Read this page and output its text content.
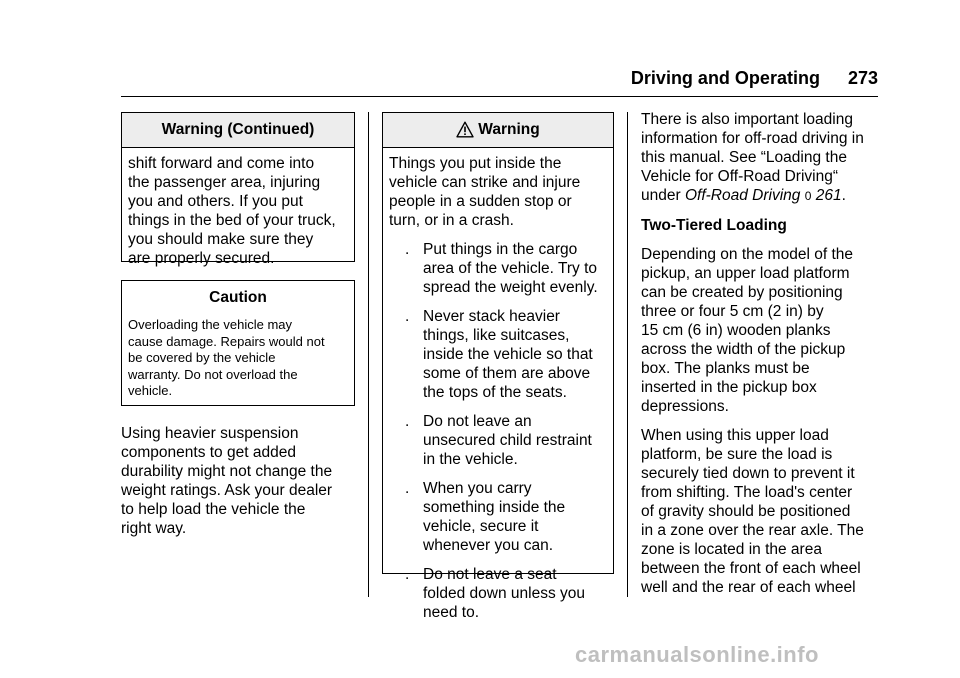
Driving and Operating 273
Warning (Continued)
shift forward and come into
the passenger area, injuring
you and others. If you put
things in the bed of your truck,
you should make sure they
are properly secured.
Caution
Overloading the vehicle may
cause damage. Repairs would not
be covered by the vehicle
warranty. Do not overload the
vehicle.
Using heavier suspension
components to get added
durability might not change the
weight ratings. Ask your dealer
to help load the vehicle the
right way.
Warning
Things you put inside the
vehicle can strike and injure
people in a sudden stop or
turn, or in a crash.
. Put things in the cargo
area of the vehicle. Try to
spread the weight evenly.
. Never stack heavier
things, like suitcases,
inside the vehicle so that
some of them are above
the tops of the seats.
. Do not leave an
unsecured child restraint
in the vehicle.
. When you carry
something inside the
vehicle, secure it
whenever you can.
. Do not leave a seat
folded down unless you
need to.

There is also important loading
information for off-road driving in
this manual. See “Loading the
Vehicle for Off-Road Driving“
under Off-Road Driving 0 261.

Two-Tiered Loading

Depending on the model of the
pickup, an upper load platform
can be created by positioning
three or four 5 cm (2 in) by
15 cm (6 in) wooden planks
across the width of the pickup
box. The planks must be
inserted in the pickup box
depressions.

When using this upper load
platform, be sure the load is
securely tied down to prevent it
from shifting. The load's center
of gravity should be positioned
in a zone over the rear axle. The
zone is located in the area
between the front of each wheel
well and the rear of each wheel

carmanualsonline.info
